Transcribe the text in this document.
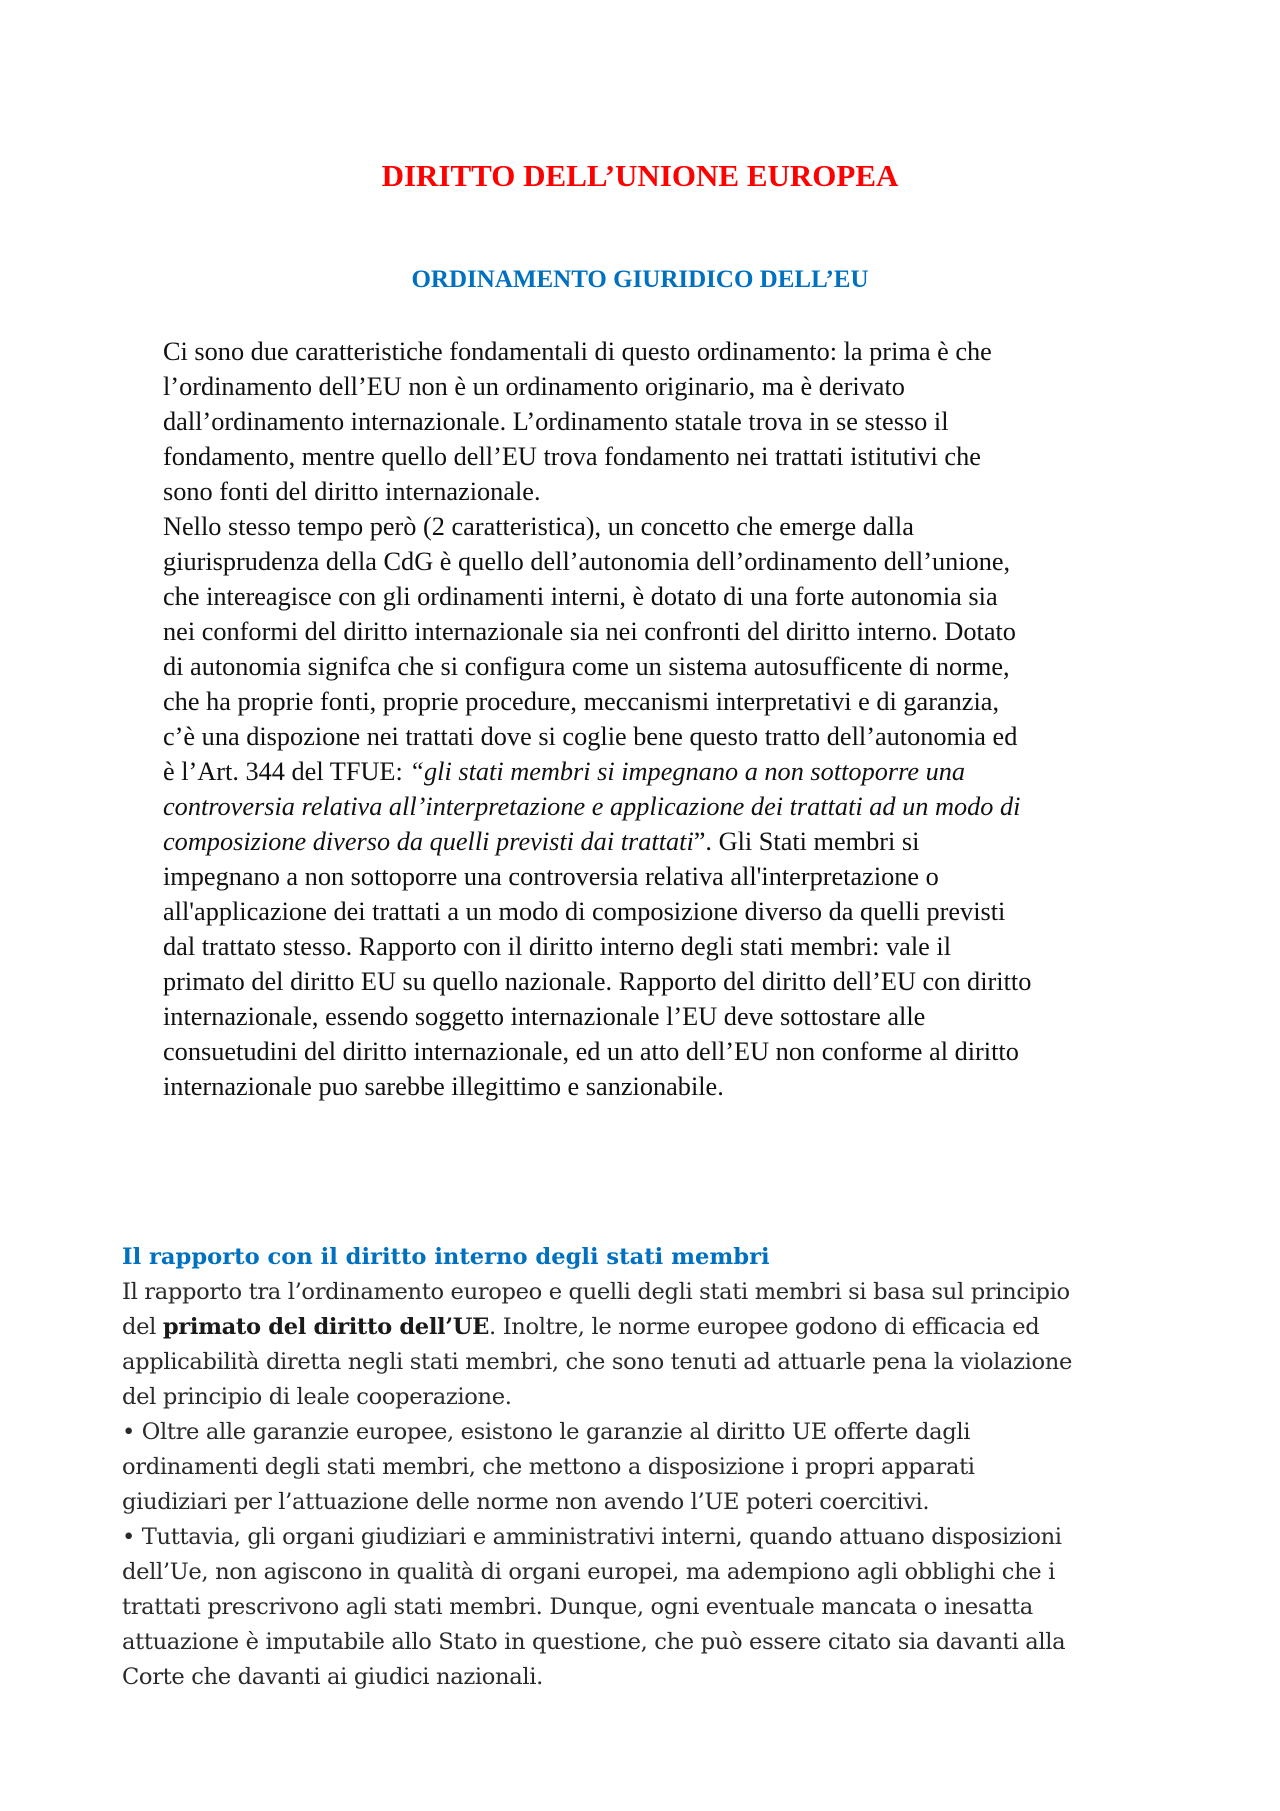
DIRITTO DELL’UNIONE EUROPEA
ORDINAMENTO GIURIDICO DELL’EU
Ci sono due caratteristiche fondamentali di questo ordinamento: la prima è che
l’ordinamento dell’EU non è un ordinamento originario, ma è derivato
dall’ordinamento internazionale. L’ordinamento statale trova in se stesso il
fondamento, mentre quello dell’EU trova fondamento nei trattati istitutivi che
sono fonti del diritto internazionale.
Nello stesso tempo però (2 caratteristica), un concetto che emerge dalla
giurisprudenza della CdG è quello dell’autonomia dell’ordinamento dell’unione,
che intereagisce con gli ordinamenti interni, è dotato di una forte autonomia sia
nei conformi del diritto internazionale sia nei confronti del diritto interno. Dotato
di autonomia signifca che si configura come un sistema autosufficente di norme,
che ha proprie fonti, proprie procedure, meccanismi interpretativi e di garanzia,
c’è una dispozione nei trattati dove si coglie bene questo tratto dell’autonomia ed
è l’Art. 344 del TFUE: “gli stati membri si impegnano a non sottoporre una
controversia relativa all’interpretazione e applicazione dei trattati ad un modo di
composizione diverso da quelli previsti dai trattati”. Gli Stati membri si
impegnano a non sottoporre una controversia relativa all'interpretazione o
all'applicazione dei trattati a un modo di composizione diverso da quelli previsti
dal trattato stesso. Rapporto con il diritto interno degli stati membri: vale il
primato del diritto EU su quello nazionale. Rapporto del diritto dell’EU con diritto
internazionale, essendo soggetto internazionale l’EU deve sottostare alle
consuetudini del diritto internazionale, ed un atto dell’EU non conforme al diritto
internazionale puo sarebbe illegittimo e sanzionabile.
Il rapporto con il diritto interno degli stati membri
Il rapporto tra l’ordinamento europeo e quelli degli stati membri si basa sul principio
del primato del diritto dell’UE. Inoltre, le norme europee godono di efficacia ed
applicabilità diretta negli stati membri, che sono tenuti ad attuarle pena la violazione
del principio di leale cooperazione.
• Oltre alle garanzie europee, esistono le garanzie al diritto UE offerte dagli
ordinamenti degli stati membri, che mettono a disposizione i propri apparati
giudiziari per l’attuazione delle norme non avendo l’UE poteri coercitivi.
• Tuttavia, gli organi giudiziari e amministrativi interni, quando attuano disposizioni
dell’Ue, non agiscono in qualità di organi europei, ma adempiono agli obblighi che i
trattati prescrivono agli stati membri. Dunque, ogni eventuale mancata o inesatta
attuazione è imputabile allo Stato in questione, che può essere citato sia davanti alla
Corte che davanti ai giudici nazionali.
